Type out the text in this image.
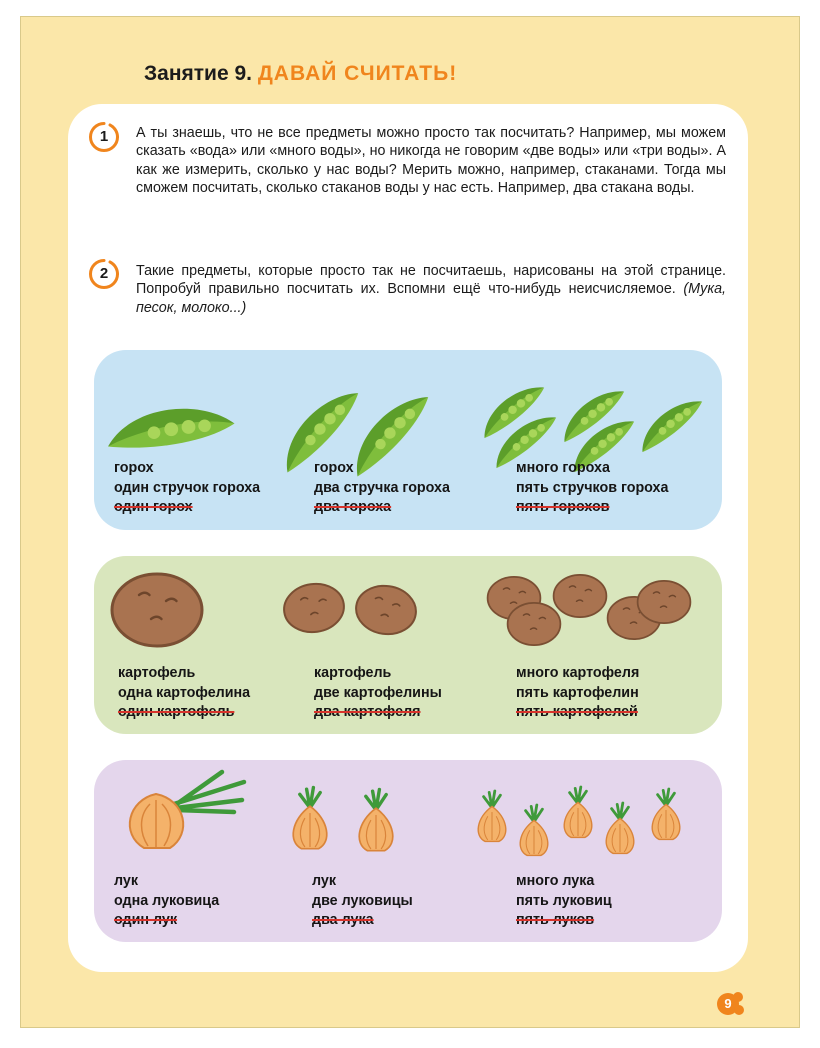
Занятие 9. ДАВАЙ СЧИТАТЬ!
1	А ты знаешь, что не все предметы можно просто так посчитать? Например, мы можем сказать «вода» или «много воды», но никогда не говорим «две воды» или «три воды». А как же измерить, сколько у нас воды? Мерить можно, например, стаканами. Тогда мы сможем посчитать, сколько стаканов воды у нас есть. Например, два стакана воды.

2	Такие предметы, которые просто так не посчитаешь, нарисованы на этой странице. Попробуй правильно посчитать их. Вспомни ещё что-нибудь неисчисляемое. (Мука, песок, молоко...)

горох
один стручок гороха
один горох
горох
два стручка гороха
два гороха
много гороха
пять стручков гороха
пять горохов
картофель
одна картофелина
один картофель
картофель
две картофелины
два картофеля
много картофеля
пять картофелин
пять картофелей
лук
одна луковица
один лук
лук
две луковицы
два лука
много лука
пять луковиц
пять луков
9
